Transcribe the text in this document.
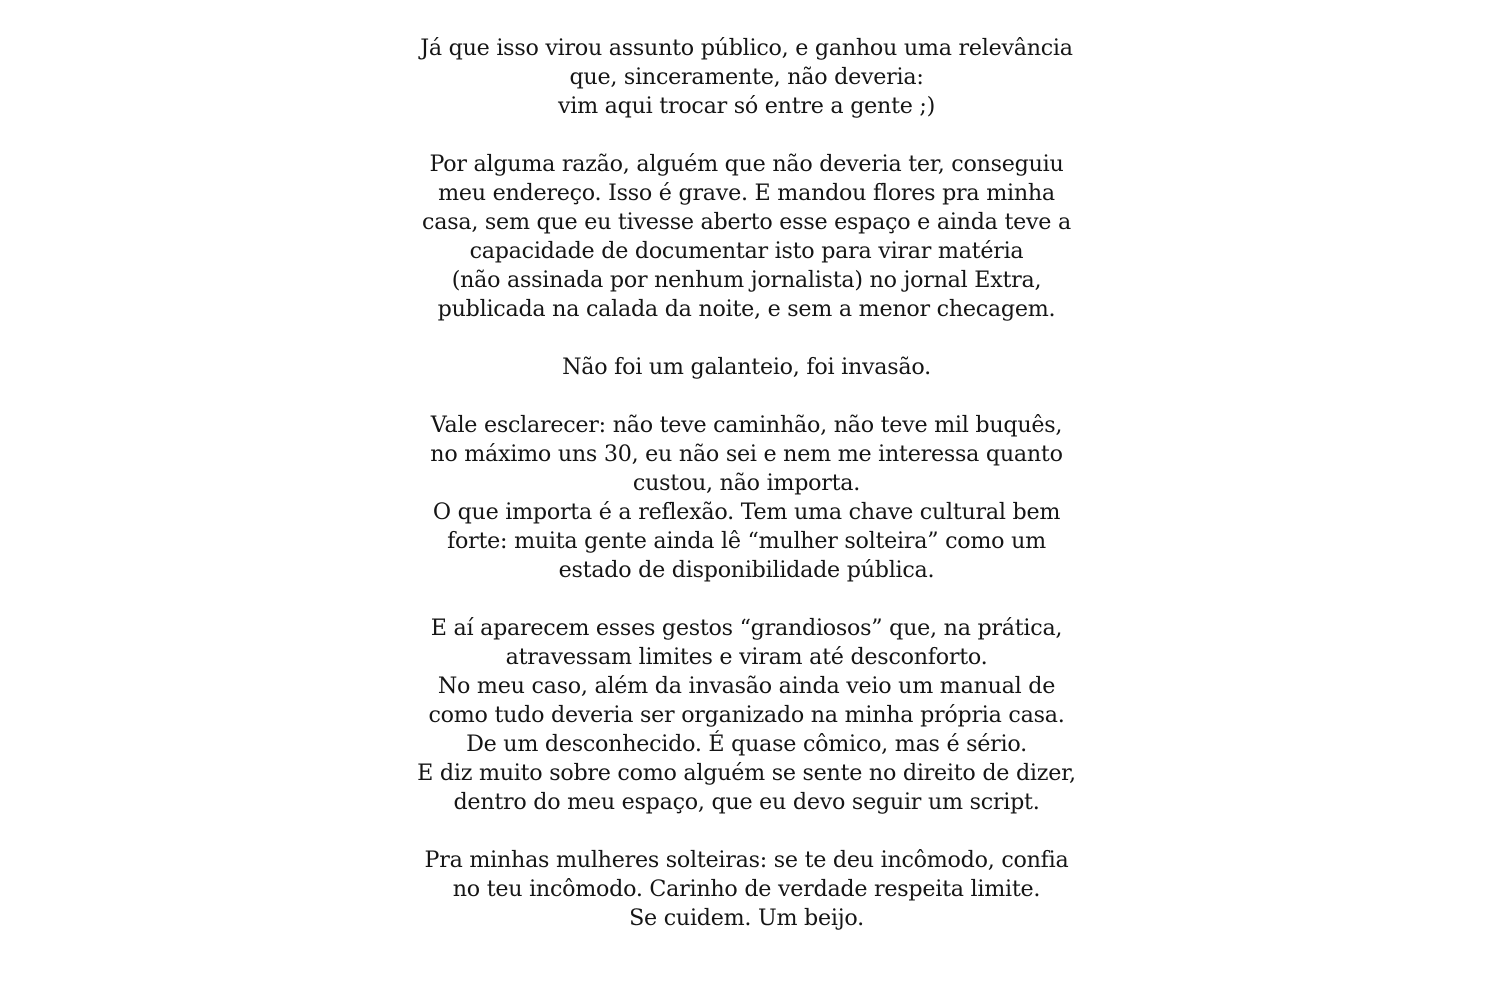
Já que isso virou assunto público, e ganhou uma relevância
que, sinceramente, não deveria:
vim aqui trocar só entre a gente ;)

Por alguma razão, alguém que não deveria ter, conseguiu
meu endereço. Isso é grave. E mandou flores pra minha
casa, sem que eu tivesse aberto esse espaço e ainda teve a
capacidade de documentar isto para virar matéria
(não assinada por nenhum jornalista) no jornal Extra,
publicada na calada da noite, e sem a menor checagem.

Não foi um galanteio, foi invasão.

Vale esclarecer: não teve caminhão, não teve mil buquês,
no máximo uns 30, eu não sei e nem me interessa quanto
custou, não importa.
O que importa é a reflexão. Tem uma chave cultural bem
forte: muita gente ainda lê “mulher solteira” como um
estado de disponibilidade pública.

E aí aparecem esses gestos “grandiosos” que, na prática,
atravessam limites e viram até desconforto.
No meu caso, além da invasão ainda veio um manual de
como tudo deveria ser organizado na minha própria casa.
De um desconhecido. É quase cômico, mas é sério.
E diz muito sobre como alguém se sente no direito de dizer,
dentro do meu espaço, que eu devo seguir um script.

Pra minhas mulheres solteiras: se te deu incômodo, confia
no teu incômodo. Carinho de verdade respeita limite.
Se cuidem. Um beijo.
